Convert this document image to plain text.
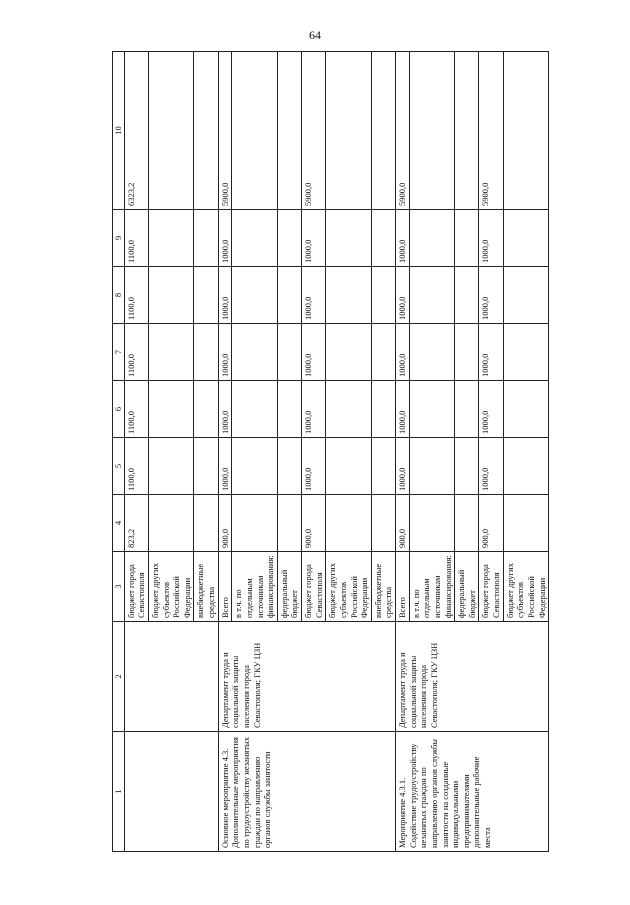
64
1	2	3	4	5	6	7	8	9	10
		бюджет города Севастополя	823,2	1100,0	1100,0	1100,0	1100,0	1100,0	6323,2
		бюджет других субъектов Российской Федерации							
		внебюджетные средства							
Основное мероприятие 4.3. Дополнительные мероприятия по трудоустройству незанятых граждан по направлению органов службы занятости	Департамент труда и социальной защиты населения города Севастополя; ГКУ ЦЗН	Всего	900,0	1000,0	1000,0	1000,0	1000,0	1000,0	5900,0
		в т.ч. по отдельным источникам финансирования:							
		федеральный бюджет							
		бюджет города Севастополя	900,0	1000,0	1000,0	1000,0	1000,0	1000,0	5900,0
		бюджет других субъектов Российской Федерации							
		внебюджетные средства							
Мероприятие 4.3.1. Содействие трудоустройству незанятых граждан по направлению органов службы занятости на созданные индивидуальными предпринимателями дополнительные рабочие места	Департамент труда и социальной защиты населения города Севастополя; ГКУ ЦЗН	Всего	900,0	1000,0	1000,0	1000,0	1000,0	1000,0	5900,0
		в т.ч. по отдельным источникам финансирования:							
		федеральный бюджет							
		бюджет города Севастополя	900,0	1000,0	1000,0	1000,0	1000,0	1000,0	5900,0
		бюджет других субъектов Российской Федерации							
